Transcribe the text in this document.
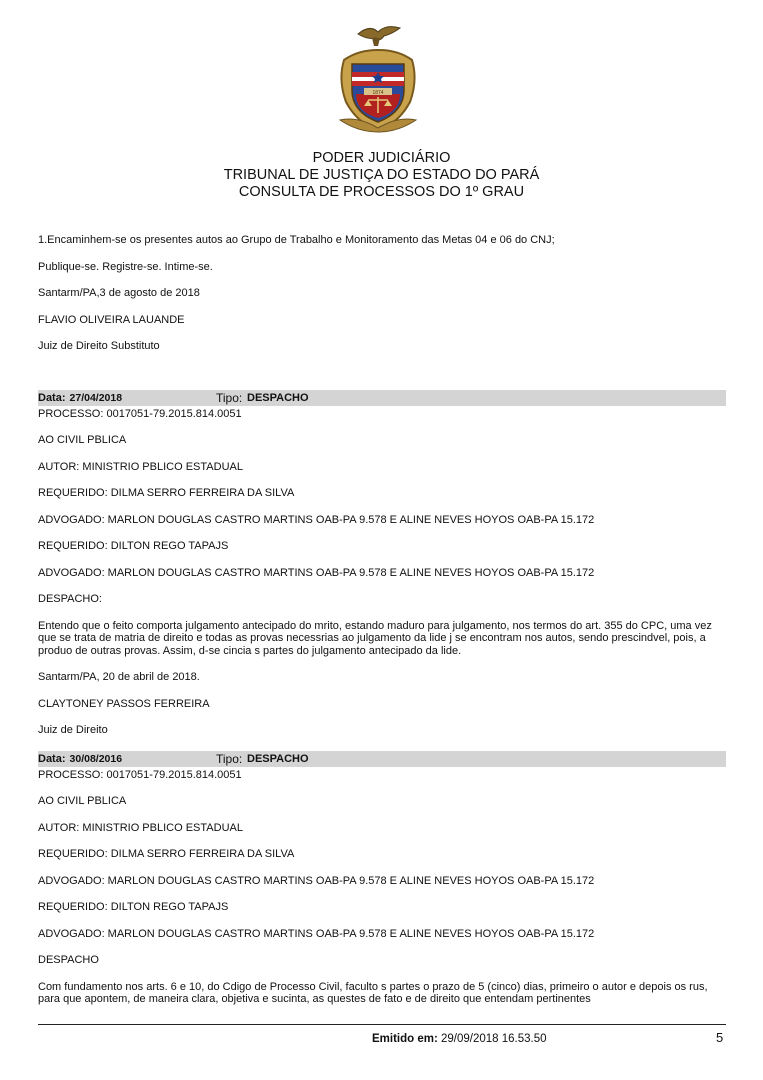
1874
PODER JUDICIÁRIO
TRIBUNAL DE JUSTIÇA DO ESTADO DO PARÁ
CONSULTA DE PROCESSOS DO 1º GRAU

1.Encaminhem-se os presentes autos ao Grupo de Trabalho e Monitoramento das Metas 04 e 06 do CNJ;

Publique-se. Registre-se. Intime-se.

Santarm/PA,3 de agosto de 2018

FLAVIO OLIVEIRA LAUANDE

Juiz de Direito Substituto

Data: 27/04/2018	Tipo: DESPACHO

PROCESSO: 0017051-79.2015.814.0051

AO CIVIL PBLICA

AUTOR: MINISTRIO PBLICO ESTADUAL

REQUERIDO: DILMA SERRO FERREIRA DA SILVA

ADVOGADO: MARLON DOUGLAS CASTRO MARTINS OAB-PA 9.578 E ALINE NEVES HOYOS OAB-PA 15.172

REQUERIDO: DILTON REGO TAPAJS

ADVOGADO: MARLON DOUGLAS CASTRO MARTINS OAB-PA 9.578 E ALINE NEVES HOYOS OAB-PA 15.172

DESPACHO:

Entendo que o feito comporta julgamento antecipado do mrito, estando maduro para julgamento, nos termos do art. 355 do CPC, uma vez que se trata de matria de direito e todas as provas necessrias ao julgamento da lide j se encontram nos autos, sendo prescindvel, pois, a produo de outras provas. Assim, d-se cincia s partes do julgamento antecipado da lide.

Santarm/PA, 20 de abril de 2018.

CLAYTONEY PASSOS FERREIRA

Juiz de Direito

Data: 30/08/2016	Tipo: DESPACHO

PROCESSO: 0017051-79.2015.814.0051

AO CIVIL PBLICA

AUTOR: MINISTRIO PBLICO ESTADUAL

REQUERIDO: DILMA SERRO FERREIRA DA SILVA

ADVOGADO: MARLON DOUGLAS CASTRO MARTINS OAB-PA 9.578 E ALINE NEVES HOYOS OAB-PA 15.172

REQUERIDO: DILTON REGO TAPAJS

ADVOGADO: MARLON DOUGLAS CASTRO MARTINS OAB-PA 9.578 E ALINE NEVES HOYOS OAB-PA 15.172

DESPACHO

Com fundamento nos arts. 6 e 10, do Cdigo de Processo Civil, faculto s partes o prazo de 5 (cinco) dias, primeiro o autor e depois os rus, para que apontem, de maneira clara, objetiva e sucinta, as questes de fato e de direito que entendam pertinentes

Emitido em: 29/09/2018 16.53.50	5
